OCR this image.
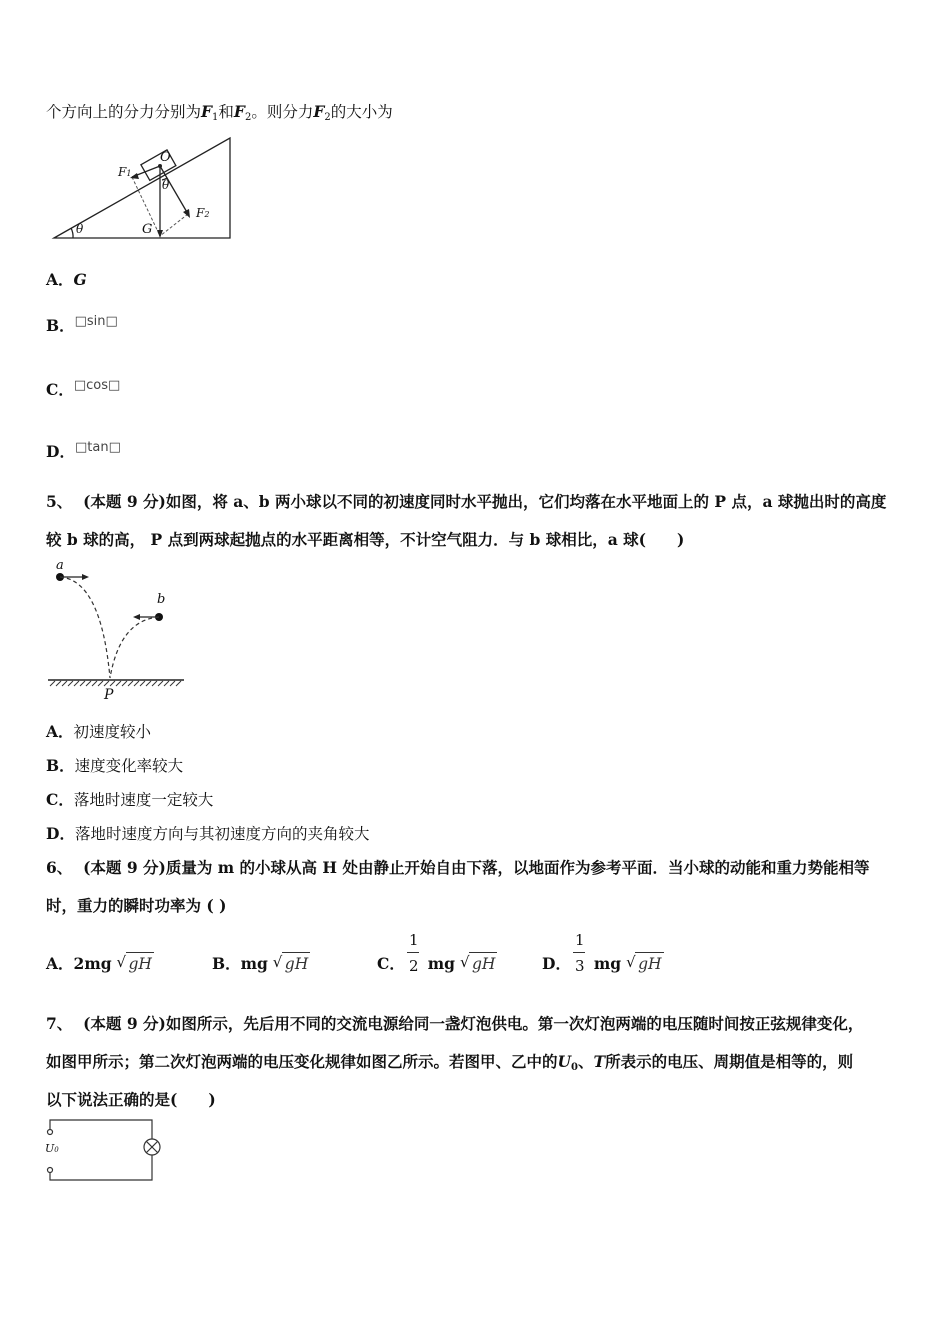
个方向上的分力分别为$F_1$和$F_2$。则分力$F_2$的大小为
O
F1
F2
θ
G
θ
A．G
B．$^{□sin□}$
C．$^{□cos□}$
D．$^{□tan□}$
5、 (本题 9 分)如图，将 a、b 两小球以不同的初速度同时水平抛出，它们均落在水平地面上的 P 点，a 球抛出时的高度
较 b 球的高， P 点到两球起抛点的水平距离相等，不计空气阻力．与 b 球相比，a 球(　　)
a
b
P
A．初速度较小
B．速度变化率较大
C．落地时速度一定较大
D．落地时速度方向与其初速度方向的夹角较大
6、 (本题 9 分)质量为 m 的小球从高 H 处由静止开始自由下落，以地面作为参考平面．当小球的动能和重力势能相等
时，重力的瞬时功率为 ( )
A．2mg √ gH	B．mg √ gH	C．
1
2 mg √ gH	D．
1
3 mg √ gH
7、 (本题 9 分)如图所示，先后用不同的交流电源给同一盏灯泡供电。第一次灯泡两端的电压随时间按正弦规律变化，
如图甲所示；第二次灯泡两端的电压变化规律如图乙所示。若图甲、乙中的$U_0$、T所表示的电压、周期值是相等的，则
以下说法正确的是(　　)
U0
